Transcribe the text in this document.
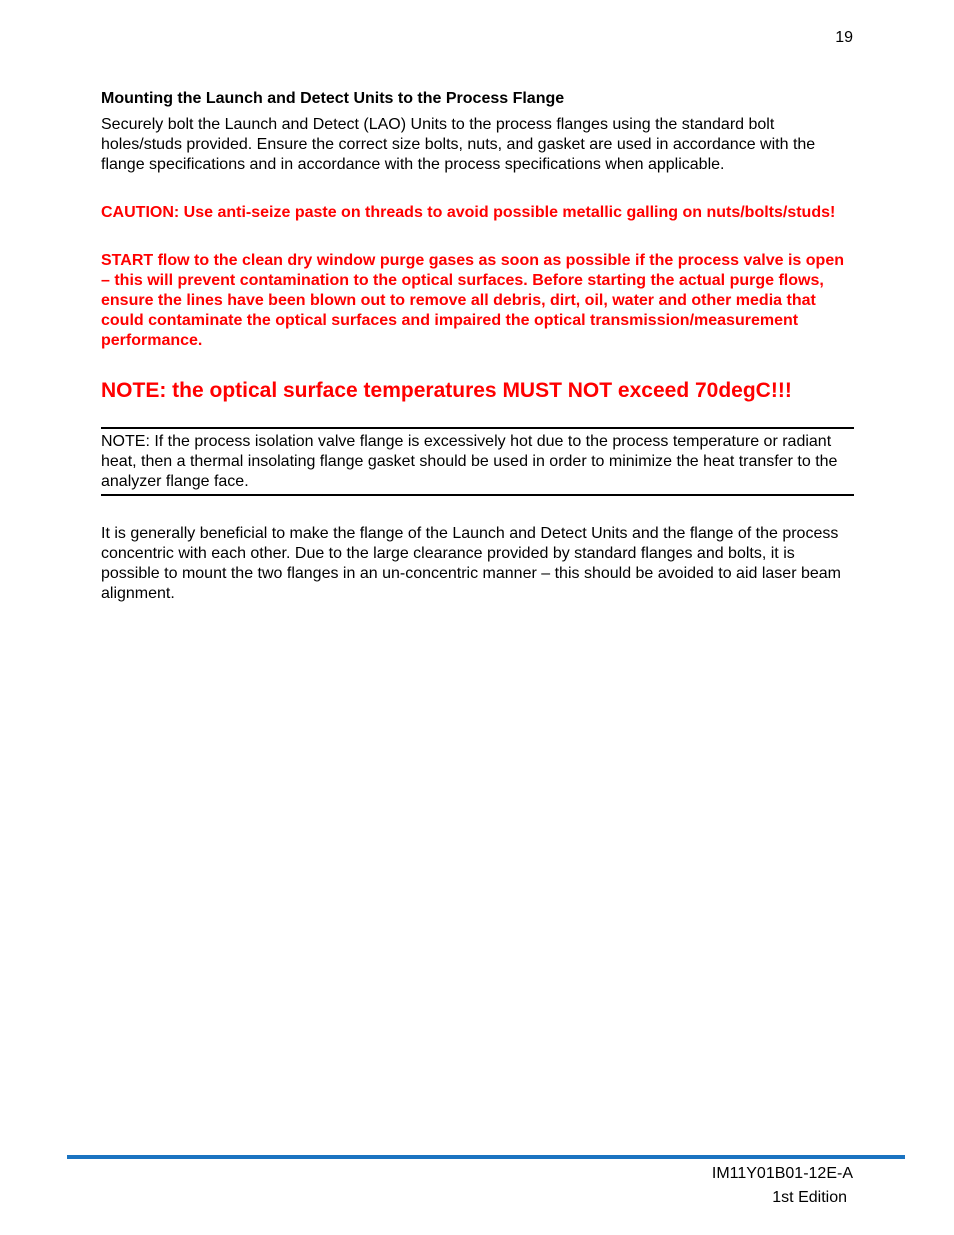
19

Mounting the Launch and Detect Units to the Process Flange

Securely bolt the Launch and Detect (LAO) Units to the process flanges using the standard bolt holes/studs provided. Ensure the correct size bolts, nuts, and gasket are used in accordance with the flange specifications and in accordance with the process specifications when applicable.

CAUTION: Use anti-seize paste on threads to avoid possible metallic galling on nuts/bolts/studs!

START flow to the clean dry window purge gases as soon as possible if the process valve is open – this will prevent contamination to the optical surfaces. Before starting the actual purge flows, ensure the lines have been blown out to remove all debris, dirt, oil, water and other media that could contaminate the optical surfaces and impaired the optical transmission/measurement performance.

NOTE: the optical surface temperatures MUST NOT exceed 70degC!!!

NOTE: If the process isolation valve flange is excessively hot due to the process temperature or radiant heat, then a thermal insolating flange gasket should be used in order to minimize the heat transfer to the analyzer flange face.

It is generally beneficial to make the flange of the Launch and Detect Units and the flange of the process concentric with each other. Due to the large clearance provided by standard flanges and bolts, it is possible to mount the two flanges in an un-concentric manner – this should be avoided to aid laser beam alignment.

IM11Y01B01-12E-A
1st Edition
